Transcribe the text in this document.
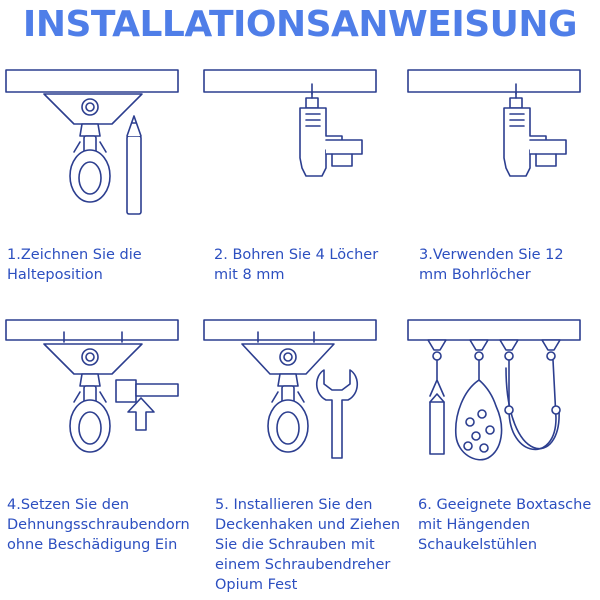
INSTALLATIONSANWEISUNG
1.Zeichnen Sie die
Halteposition
2. Bohren Sie 4 Löcher
mit 8 mm
3.Verwenden Sie 12
mm Bohrlöcher
4.Setzen Sie den
Dehnungsschraubendorn
ohne Beschädigung Ein
5. Installieren Sie den
Deckenhaken und Ziehen
Sie die Schrauben mit
einem Schraubendreher
Opium Fest
6. Geeignete Boxtasche
mit Hängenden
Schaukelstühlen
